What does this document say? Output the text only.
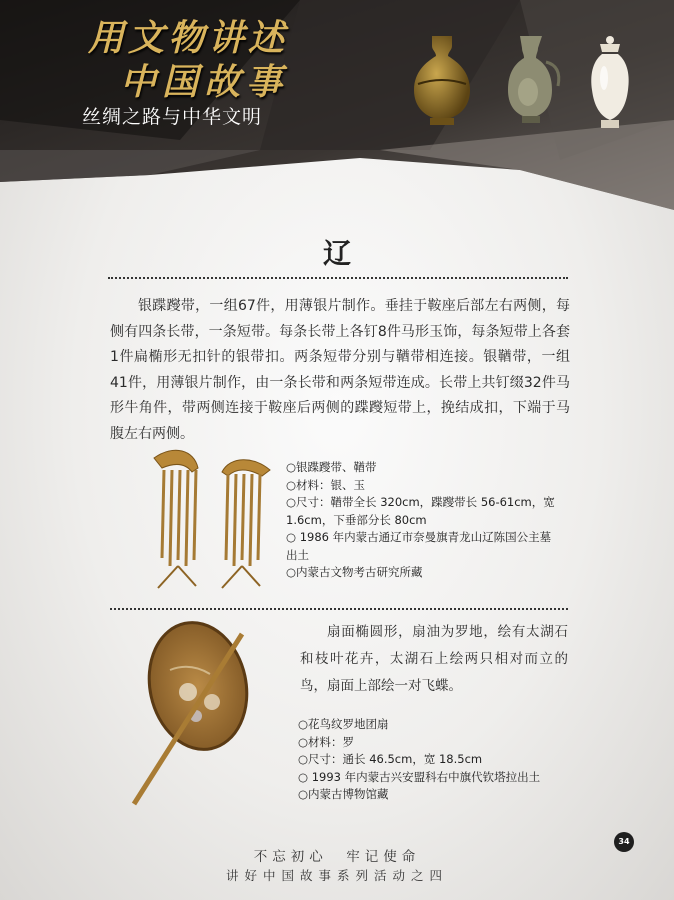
用文物讲述
中国故事
丝绸之路与中华文明
辽

银蹀躞带，一组67件，用薄银片制作。垂挂于鞍座后部左右两侧，每侧有四条长带，一条短带。每条长带上各钉8件马形玉饰，每条短带上各套1件扁椭形无扣针的银带扣。两条短带分别与鞧带相连接。银鞧带，一组41件，用薄银片制作，由一条长带和两条短带连成。长带上共钉缀32件马形牛角件，带两侧连接于鞍座后两侧的蹀躞短带上，挽结成扣，下端于马腹左右两侧。

○银蹀躞带、鞧带
○材料：银、玉
○尺寸：鞧带全长 320cm，蹀躞带长 56-61cm，宽 1.6cm，下垂部分长 80cm
○ 1986 年内蒙古通辽市奈曼旗青龙山辽陈国公主墓出土
○内蒙古文物考古研究所藏

扇面椭圆形，扇油为罗地，绘有太湖石和枝叶花卉，太湖石上绘两只相对而立的鸟，扇面上部绘一对飞蝶。

○花鸟纹罗地团扇
○材料：罗
○尺寸：通长 46.5cm，宽 18.5cm
○ 1993 年内蒙古兴安盟科右中旗代钦塔拉出土
○内蒙古博物馆藏
34
不忘初心　牢记使命
讲好中国故事系列活动之四
